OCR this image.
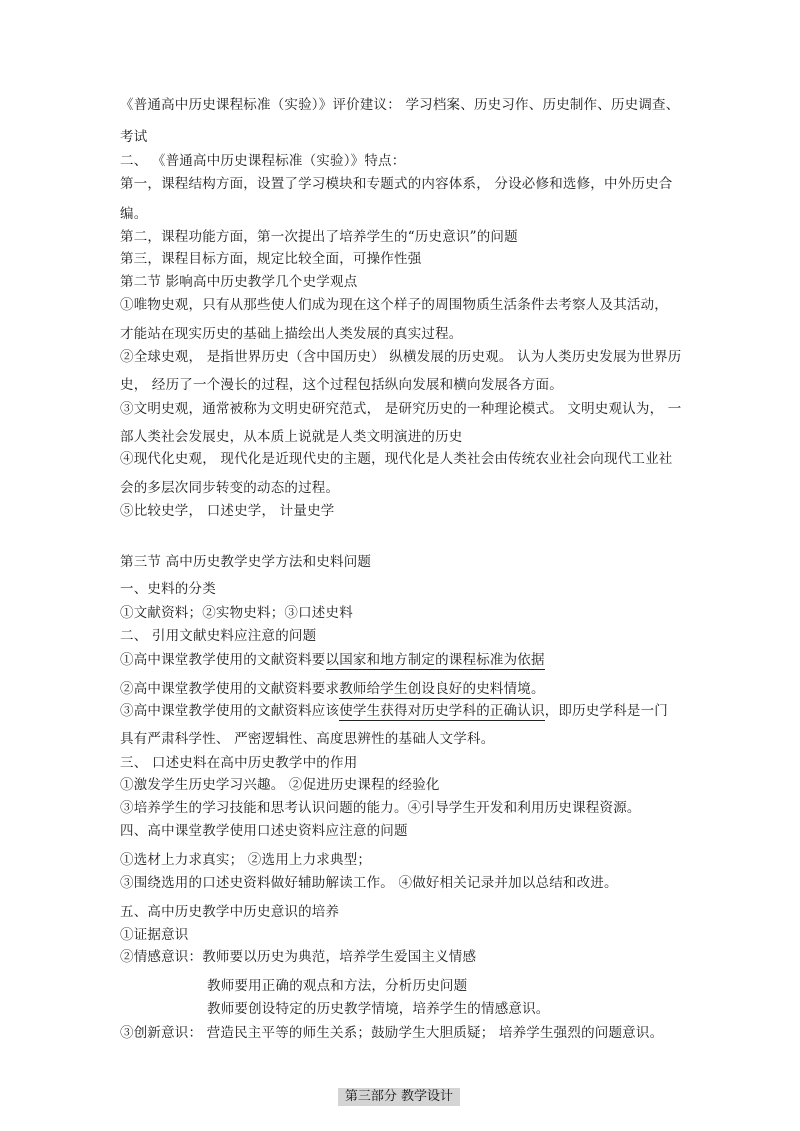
《普通高中历史课程标准（实验）》评价建议： 学习档案、历史习作、历史制作、历史调查、
考试
二、 《普通高中历史课程标准（实验）》特点：
第一，课程结构方面，设置了学习模块和专题式的内容体系， 分设必修和选修，中外历史合
编。
第二，课程功能方面，第一次提出了培养学生的“历史意识”的问题
第三，课程目标方面，规定比较全面，可操作性强
第二节 影响高中历史教学几个史学观点
①唯物史观，只有从那些使人们成为现在这个样子的周围物质生活条件去考察人及其活动，
才能站在现实历史的基础上描绘出人类发展的真实过程。
②全球史观， 是指世界历史（含中国历史） 纵横发展的历史观。 认为人类历史发展为世界历
史， 经历了一个漫长的过程，这个过程包括纵向发展和横向发展各方面。
③文明史观，通常被称为文明史研究范式， 是研究历史的一种理论模式。 文明史观认为， 一
部人类社会发展史，从本质上说就是人类文明演进的历史
④现代化史观， 现代化是近现代史的主题，现代化是人类社会由传统农业社会向现代工业社
会的多层次同步转变的动态的过程。
⑤比较史学， 口述史学， 计量史学
第三节 高中历史教学史学方法和史料问题
一、史料的分类
①文献资料；②实物史料；③口述史料
二、 引用文献史料应注意的问题
①高中课堂教学使用的文献资料要以国家和地方制定的课程标准为依据
②高中课堂教学使用的文献资料要求教师给学生创设良好的史料情境。
③高中课堂教学使用的文献资料应该使学生获得对历史学科的正确认识，即历史学科是一门
具有严肃科学性、 严密逻辑性、高度思辨性的基础人文学科。
三、 口述史料在高中历史教学中的作用
①激发学生历史学习兴趣。 ②促进历史课程的经验化
③培养学生的学习技能和思考认识问题的能力。④引导学生开发和利用历史课程资源。
四、高中课堂教学使用口述史资料应注意的问题
①选材上力求真实； ②选用上力求典型；
③围绕选用的口述史资料做好辅助解读工作。 ④做好相关记录并加以总结和改进。
五、高中历史教学中历史意识的培养
①证据意识
②情感意识：教师要以历史为典范，培养学生爱国主义情感
教师要用正确的观点和方法，分析历史问题
教师要创设特定的历史教学情境，培养学生的情感意识。
③创新意识： 营造民主平等的师生关系；鼓励学生大胆质疑； 培养学生强烈的问题意识。
第三部分 教学设计
